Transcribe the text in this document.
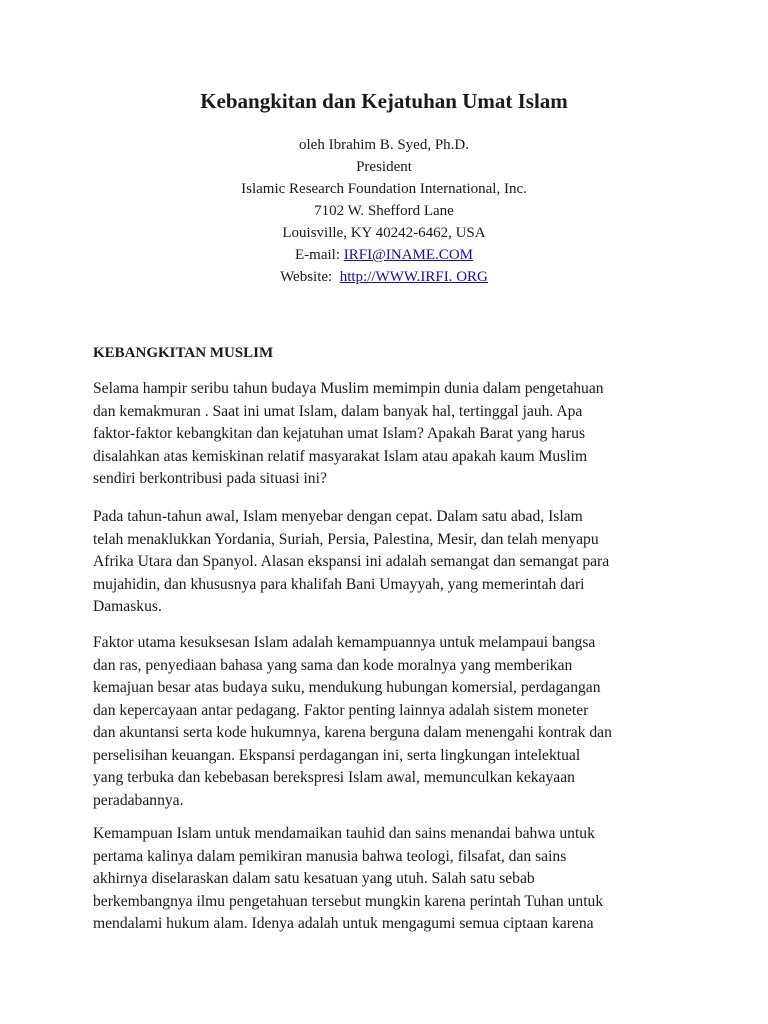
Kebangkitan dan Kejatuhan Umat Islam
oleh Ibrahim B. Syed, Ph.D.
President
Islamic Research Foundation International, Inc.
7102 W. Shefford Lane
Louisville, KY 40242-6462, USA
E-mail: IRFI@INAME.COM
Website:  http://WWW.IRFI. ORG
KEBANGKITAN MUSLIM
Selama hampir seribu tahun budaya Muslim memimpin dunia dalam pengetahuan
dan kemakmuran . Saat ini umat Islam, dalam banyak hal, tertinggal jauh. Apa
faktor-faktor kebangkitan dan kejatuhan umat Islam? Apakah Barat yang harus
disalahkan atas kemiskinan relatif masyarakat Islam atau apakah kaum Muslim
sendiri berkontribusi pada situasi ini?
Pada tahun-tahun awal, Islam menyebar dengan cepat. Dalam satu abad, Islam
telah menaklukkan Yordania, Suriah, Persia, Palestina, Mesir, dan telah menyapu
Afrika Utara dan Spanyol. Alasan ekspansi ini adalah semangat dan semangat para
mujahidin, dan khususnya para khalifah Bani Umayyah, yang memerintah dari
Damaskus.
Faktor utama kesuksesan Islam adalah kemampuannya untuk melampaui bangsa
dan ras, penyediaan bahasa yang sama dan kode moralnya yang memberikan
kemajuan besar atas budaya suku, mendukung hubungan komersial, perdagangan
dan kepercayaan antar pedagang. Faktor penting lainnya adalah sistem moneter
dan akuntansi serta kode hukumnya, karena berguna dalam menengahi kontrak dan
perselisihan keuangan. Ekspansi perdagangan ini, serta lingkungan intelektual
yang terbuka dan kebebasan berekspresi Islam awal, memunculkan kekayaan
peradabannya.
Kemampuan Islam untuk mendamaikan tauhid dan sains menandai bahwa untuk
pertama kalinya dalam pemikiran manusia bahwa teologi, filsafat, dan sains
akhirnya diselaraskan dalam satu kesatuan yang utuh. Salah satu sebab
berkembangnya ilmu pengetahuan tersebut mungkin karena perintah Tuhan untuk
mendalami hukum alam. Idenya adalah untuk mengagumi semua ciptaan karena
